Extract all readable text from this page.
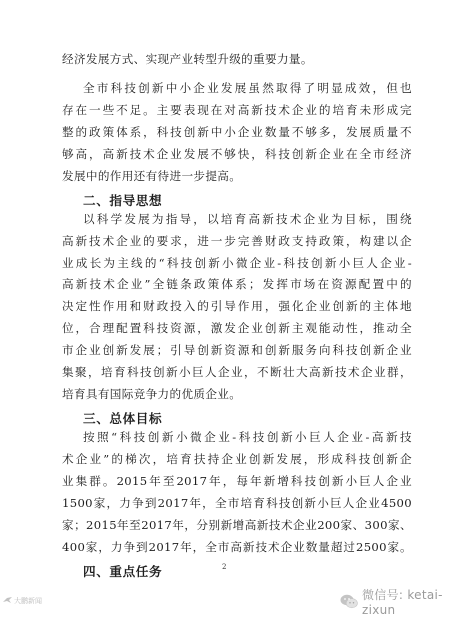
经济发展方式、实现产业转型升级的重要力量。
全市科技创新中小企业发展虽然取得了明显成效，但也
存在一些不足。主要表现在对高新技术企业的培育未形成完
整的政策体系，科技创新中小企业数量不够多，发展质量不
够高，高新技术企业发展不够快，科技创新企业在全市经济
发展中的作用还有待进一步提高。
二、指导思想
以科学发展为指导，以培育高新技术企业为目标，围绕
高新技术企业的要求，进一步完善财政支持政策，构建以企
业成长为主线的“科技创新小微企业-科技创新小巨人企业-
高新技术企业”全链条政策体系；发挥市场在资源配置中的
决定性作用和财政投入的引导作用，强化企业创新的主体地
位，合理配置科技资源，激发企业创新主观能动性，推动全
市企业创新发展；引导创新资源和创新服务向科技创新企业
集聚，培育科技创新小巨人企业，不断壮大高新技术企业群，
培育具有国际竞争力的优质企业。
三、总体目标
按照“科技创新小微企业-科技创新小巨人企业-高新技
术企业”的梯次，培育扶持企业创新发展，形成科技创新企
业集群。2015年至2017年，每年新增科技创新小巨人企业
1500家，力争到2017年，全市培育科技创新小巨人企业4500
家；2015年至2017年，分别新增高新技术企业200家、300家、
400家，力争到2017年，全市高新技术企业数量超过2500家。
四、重点任务	2
微信号: ketai-zixun
大鹏新闻
